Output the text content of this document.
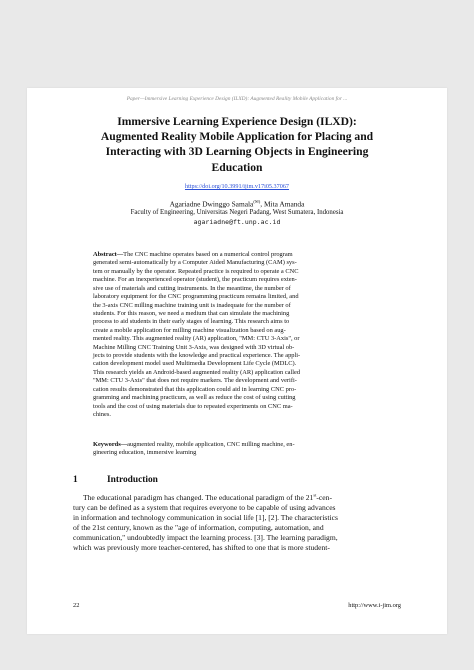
Paper—Immersive Learning Experience Design (ILXD): Augmented Reality Mobile Application for ...
Immersive Learning Experience Design (ILXD):
Augmented Reality Mobile Application for Placing and
Interacting with 3D Learning Objects in Engineering
Education
https://doi.org/10.3991/ijim.v17i05.37067
Agariadne Dwinggo Samala(✉), Mita Amanda
Faculty of Engineering, Universitas Negeri Padang, West Sumatera, Indonesia
agariadne@ft.unp.ac.id
Abstract—The CNC machine operates based on a numerical control program
generated semi-automatically by a Computer Aided Manufacturing (CAM) sys-
tem or manually by the operator. Repeated practice is required to operate a CNC
machine. For an inexperienced operator (student), the practicum requires exten-
sive use of materials and cutting instruments. In the meantime, the number of
laboratory equipment for the CNC programming practicum remains limited, and
the 3-axis CNC milling machine training unit is inadequate for the number of
students. For this reason, we need a medium that can simulate the machining
process to aid students in their early stages of learning. This research aims to
create a mobile application for milling machine visualization based on aug-
mented reality. This augmented reality (AR) application, "MM: CTU 3-Axis", or
Machine Milling CNC Training Unit 3-Axis, was designed with 3D virtual ob-
jects to provide students with the knowledge and practical experience. The appli-
cation development model used Multimedia Development Life Cycle (MDLC).
This research yields an Android-based augmented reality (AR) application called
"MM: CTU 3-Axis" that does not require markers. The development and verifi-
cation results demonstrated that this application could aid in learning CNC pro-
gramming and machining practicum, as well as reduce the cost of using cutting
tools and the cost of using materials due to repeated experiments on CNC ma-
chines.
Keywords—augmented reality, mobile application, CNC milling machine, en-
gineering education, immersive learning
1	Introduction
The educational paradigm has changed. The educational paradigm of the 21st-cen-
tury can be defined as a system that requires everyone to be capable of using advances
in information and technology communication in social life [1], [2]. The characteristics
of the 21st century, known as the "age of information, computing, automation, and
communication," undoubtedly impact the learning process. [3]. The learning paradigm,
which was previously more teacher-centered, has shifted to one that is more student-
22	http://www.i-jim.org
